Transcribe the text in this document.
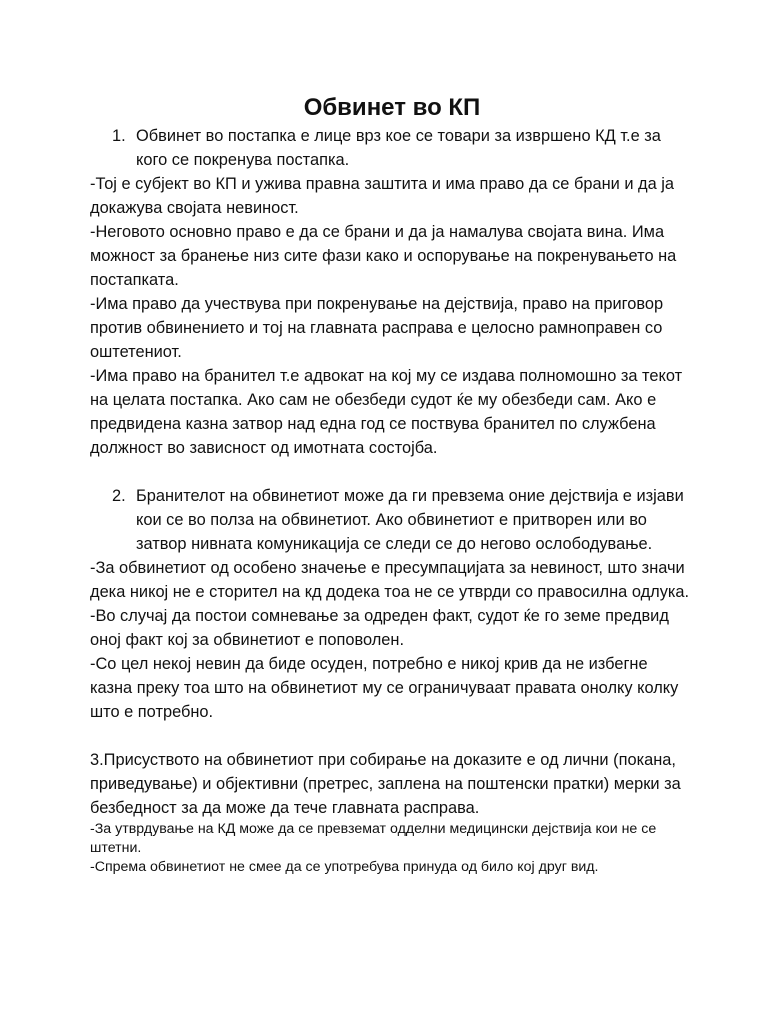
Обвинет во КП
1. Обвинет во постапка е лице врз кое се товари за извршено КД т.е за кого се покренува постапка.

-Тој е субјект во КП и ужива правна заштита и има право да се брани и да ја докажува својата невиност.

-Неговото основно право е да се брани и да ја намалува својата вина. Има можност за бранење низ сите фази како и оспорување на покренувањето на постапката.

-Има право да учествува при покренување на дејствија, право на приговор против обвинението и тој на главната расправа е целосно рамноправен со оштетениот.

-Има право на бранител т.е адвокат на кој му се издава полномошно за текот на целата постапка. Ако сам не обезбеди судот ќе му обезбеди сам. Ако е предвидена казна затвор над една год се поствува бранител по службена должност во зависност од имотната состојба.

2. Бранителот на обвинетиот може да ги превзема оние дејствија е изјави кои се во полза на обвинетиот. Ако обвинетиот е притворен или во затвор нивната комуникација се следи се до негово ослободување.

-За обвинетиот од особено значење е пресумпацијата за невиност, што значи дека никој не е сторител на кд додека тоа не се утврди со правосилна одлука.

-Во случај да постои сомневање за одреден факт, судот ќе го земе предвид оној факт кој за обвинетиот е поповолен.

-Со цел некој невин да биде осуден, потребно е никој крив да не избегне казна преку тоа што на обвинетиот му се ограничуваат правата онолку колку што е потребно.

3.Присуството на обвинетиот при собирање на доказите е од лични (покана, приведување) и објективни (претрес, заплена на поштенски пратки) мерки за безбедност за да може да тече главната расправа.

-За утврдување на КД може да се превземат одделни медицински дејствија кои не се штетни.

-Спрема обвинетиот не смее да се употребува принуда од било кој друг вид.
